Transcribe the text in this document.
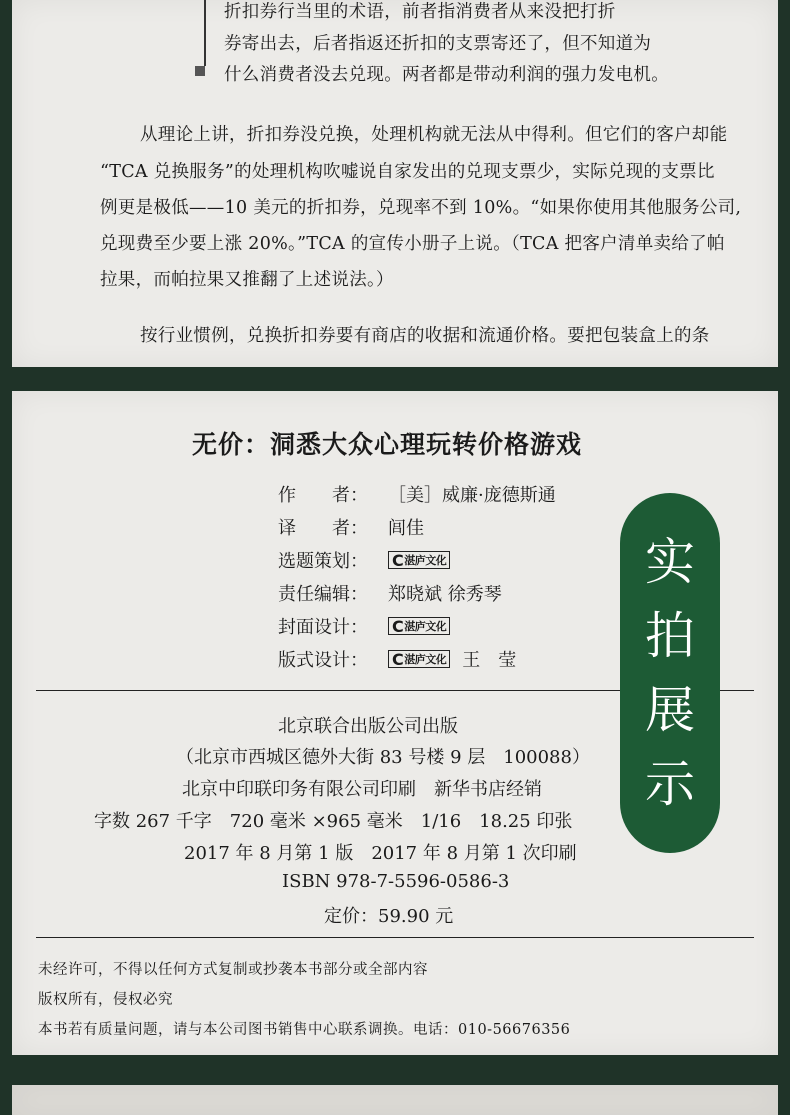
折扣券行当里的术语，前者指消费者从来没把打折
券寄出去，后者指返还折扣的支票寄还了，但不知道为
什么消费者没去兑现。两者都是带动利润的强力发电机。
从理论上讲，折扣券没兑换，处理机构就无法从中得利。但它们的客户却能
“TCA 兑换服务”的处理机构吹嘘说自家发出的兑现支票少，实际兑现的支票比
例更是极低——10 美元的折扣券，兑现率不到 10%。“如果你使用其他服务公司,
兑现费至少要上涨 20%。”TCA 的宣传小册子上说。（TCA 把客户清单卖给了帕
拉果，而帕拉果又推翻了上述说法。）
按行业惯例，兑换折扣券要有商店的收据和流通价格。要把包装盒上的条
无价：洞悉大众心理玩转价格游戏
作　　者：	［美］威廉·庞德斯通
译　　者：	闾佳
选题策划：	C 湛庐文化
责任编辑：	郑晓斌 徐秀琴
封面设计：	C 湛庐文化
版式设计：	C 湛庐文化 王　莹
北京联合出版公司出版
（北京市西城区德外大街 83 号楼 9 层　100088）
北京中印联印务有限公司印刷　新华书店经销
字数 267 千字　720 毫米 ×965 毫米　1/16　18.25 印张
2017 年 8 月第 1 版　2017 年 8 月第 1 次印刷
ISBN 978-7-5596-0586-3
定价：59.90 元
未经许可，不得以任何方式复制或抄袭本书部分或全部内容
版权所有，侵权必究
本书若有质量问题，请与本公司图书销售中心联系调换。电话：010-56676356
实
拍
展
示
